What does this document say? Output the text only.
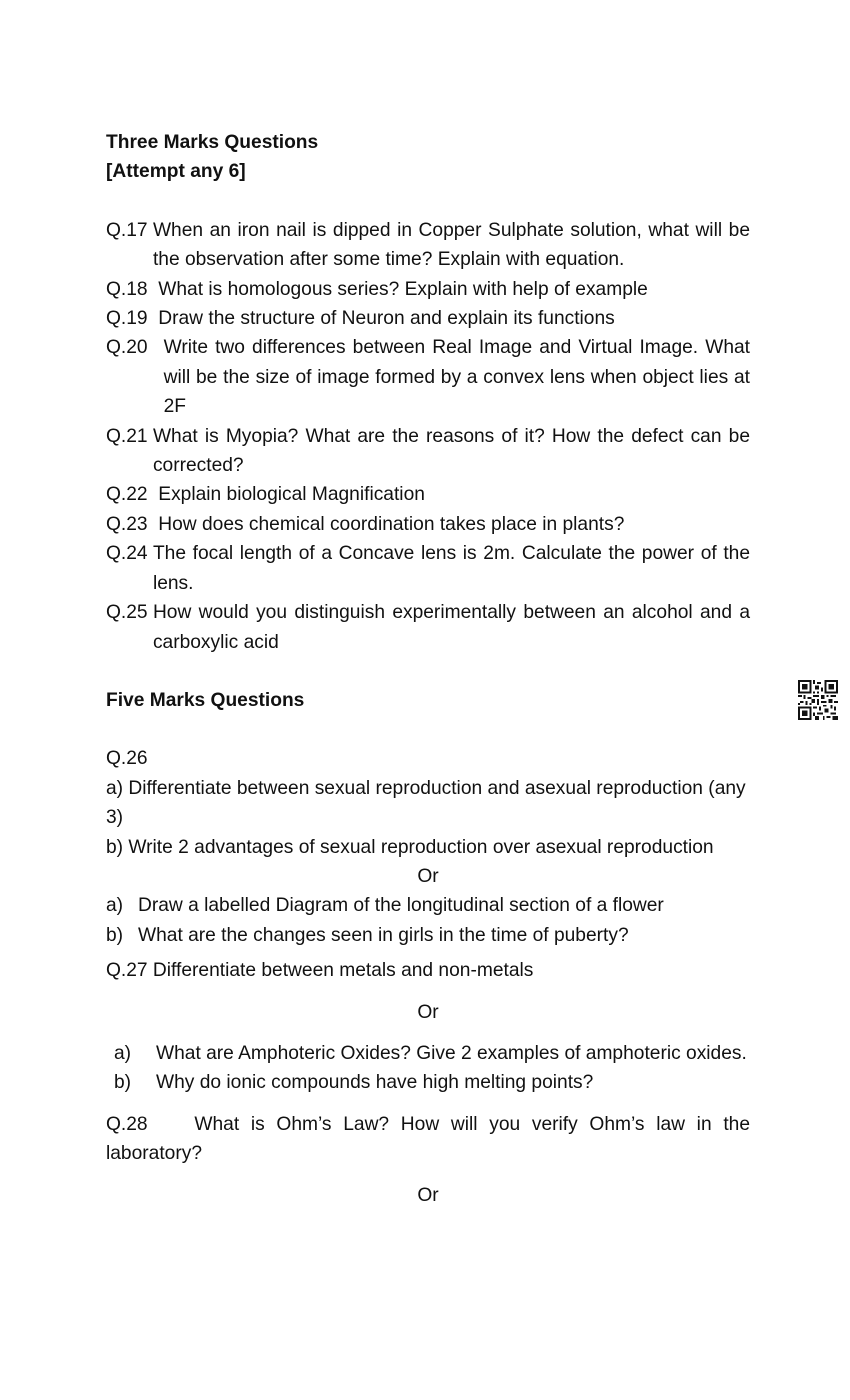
Three Marks Questions

[Attempt any 6]

Q.17 When an iron nail is dipped in Copper Sulphate solution, what will be the observation after some time? Explain with equation.
Q.18 What is homologous series? Explain with help of example
Q.19 Draw the structure of Neuron and explain its functions
Q.20 Write two differences between Real Image and Virtual Image. What will be the size of image formed by a convex lens when object lies at 2F
Q.21 What is Myopia? What are the reasons of it? How the defect can be corrected?
Q.22 Explain biological Magnification
Q.23 How does chemical coordination takes place in plants?
Q.24 The focal length of a Concave lens is 2m. Calculate the power of the lens.
Q.25 How would you distinguish experimentally between an alcohol and a carboxylic acid

Five Marks Questions

Q.26

a) Differentiate between sexual reproduction and asexual reproduction (any 3)

b) Write 2 advantages of sexual reproduction over asexual reproduction

Or

a) Draw a labelled Diagram of the longitudinal section of a flower
b) What are the changes seen in girls in the time of puberty?

Q.27 Differentiate between metals and non-metals

Or

a)	What are Amphoteric Oxides? Give 2 examples of amphoteric oxides.
b)	Why do ionic compounds have high melting points?

Q.28    What is Ohm’s Law? How will you verify Ohm’s law in the laboratory?

Or
